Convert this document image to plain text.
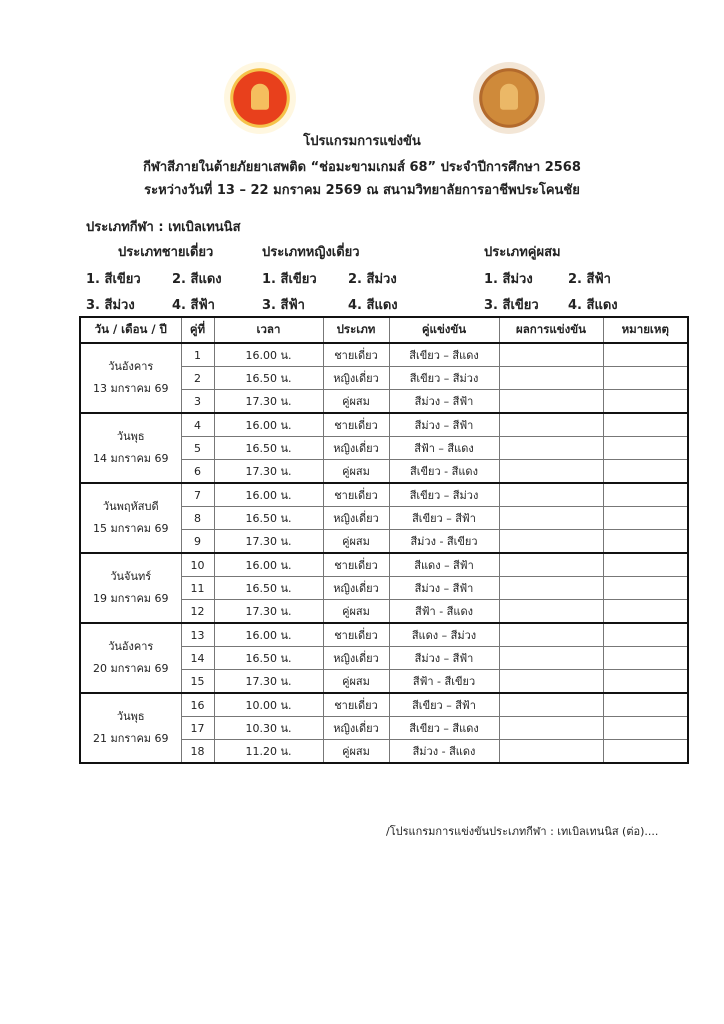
โปรแกรมการแข่งขัน
กีฬาสีภายในต้ายภัยยาเสพติด “ช่อมะขามเกมส์ 68” ประจำปีการศึกษา 2568
ระหว่างวันที่ 13 – 22 มกราคม 2569 ณ สนามวิทยาลัยการอาชีพประโคนชัย
ประเภทกีฬา : เทเบิลเทนนิส
ประเภทชายเดี่ยว	ประเภทหญิงเดี่ยว	ประเภทคู่ผสม
1. สีเขียว 2. สีแดง
3. สีม่วง	4. สีฟ้า
1. สีเขียว 2. สีม่วง
3. สีฟ้า	4. สีแดง
1. สีม่วง	2. สีฟ้า
3. สีเขียว 4. สีแดง
วัน / เดือน / ปี	คู่ที่	เวลา	ประเภท	คู่แข่งขัน	ผลการแข่งขัน	หมายเหตุ

วันอังคาร
13 มกราคม 69	1	16.00 น.	ชายเดี่ยว	สีเขียว – สีแดง		
	2	16.50 น.	หญิงเดี่ยว	สีเขียว – สีม่วง		
	3	17.30 น.	คู่ผสม	สีม่วง – สีฟ้า		

วันพุธ
14 มกราคม 69	4	16.00 น.	ชายเดี่ยว	สีม่วง – สีฟ้า		
	5	16.50 น.	หญิงเดี่ยว	สีฟ้า – สีแดง		
	6	17.30 น.	คู่ผสม	สีเขียว - สีแดง		

วันพฤหัสบดี
15 มกราคม 69	7	16.00 น.	ชายเดี่ยว	สีเขียว – สีม่วง		
	8	16.50 น.	หญิงเดี่ยว	สีเขียว – สีฟ้า		
	9	17.30 น.	คู่ผสม	สีม่วง - สีเขียว		

วันจันทร์
19 มกราคม 69	10	16.00 น.	ชายเดี่ยว	สีแดง – สีฟ้า		
	11	16.50 น.	หญิงเดี่ยว	สีม่วง – สีฟ้า		
	12	17.30 น.	คู่ผสม	สีฟ้า - สีแดง		

วันอังคาร
20 มกราคม 69	13	16.00 น.	ชายเดี่ยว	สีแดง – สีม่วง		
	14	16.50 น.	หญิงเดี่ยว	สีม่วง – สีฟ้า		
	15	17.30 น.	คู่ผสม	สีฟ้า - สีเขียว		

วันพุธ
21 มกราคม 69	16	10.00 น.	ชายเดี่ยว	สีเขียว – สีฟ้า		
	17	10.30 น.	หญิงเดี่ยว	สีเขียว – สีแดง		
	18	11.20 น.	คู่ผสม	สีม่วง - สีแดง		
/โปรแกรมการแข่งขันประเภทกีฬา : เทเบิลเทนนิส (ต่อ)....
